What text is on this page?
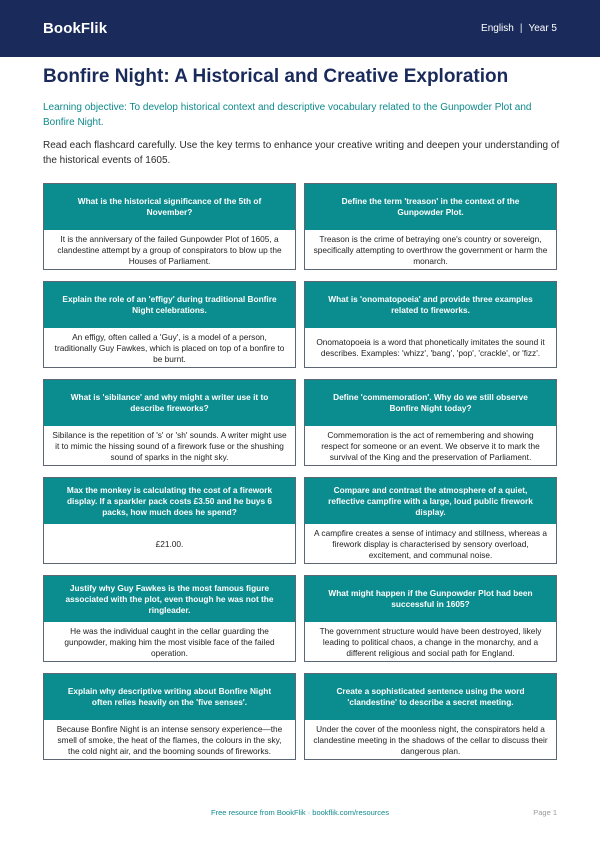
BookFlik	English | Year 5
Bonfire Night: A Historical and Creative Exploration

Learning objective: To develop historical context and descriptive vocabulary related to the Gunpowder Plot and Bonfire Night.

Read each flashcard carefully. Use the key terms to enhance your creative writing and deepen your understanding of the historical events of 1605.

What is the historical significance of the 5th of November?
It is the anniversary of the failed Gunpowder Plot of 1605, a clandestine attempt by a group of conspirators to blow up the Houses of Parliament.
Define the term 'treason' in the context of the Gunpowder Plot.
Treason is the crime of betraying one's country or sovereign, specifically attempting to overthrow the government or harm the monarch.
Explain the role of an 'effigy' during traditional Bonfire Night celebrations.
An effigy, often called a 'Guy', is a model of a person, traditionally Guy Fawkes, which is placed on top of a bonfire to be burnt.
What is 'onomatopoeia' and provide three examples related to fireworks.
Onomatopoeia is a word that phonetically imitates the sound it describes. Examples: 'whizz', 'bang', 'pop', 'crackle', or 'fizz'.
What is 'sibilance' and why might a writer use it to describe fireworks?
Sibilance is the repetition of 's' or 'sh' sounds. A writer might use it to mimic the hissing sound of a firework fuse or the shushing sound of sparks in the night sky.
Define 'commemoration'. Why do we still observe Bonfire Night today?
Commemoration is the act of remembering and showing respect for someone or an event. We observe it to mark the survival of the King and the preservation of Parliament.
Max the monkey is calculating the cost of a firework display. If a sparkler pack costs £3.50 and he buys 6 packs, how much does he spend?
£21.00.
Compare and contrast the atmosphere of a quiet, reflective campfire with a large, loud public firework display.
A campfire creates a sense of intimacy and stillness, whereas a firework display is characterised by sensory overload, excitement, and communal noise.
Justify why Guy Fawkes is the most famous figure associated with the plot, even though he was not the ringleader.
He was the individual caught in the cellar guarding the gunpowder, making him the most visible face of the failed operation.
What might happen if the Gunpowder Plot had been successful in 1605?
The government structure would have been destroyed, likely leading to political chaos, a change in the monarchy, and a different religious and social path for England.
Explain why descriptive writing about Bonfire Night often relies heavily on the 'five senses'.
Because Bonfire Night is an intense sensory experience—the smell of smoke, the heat of the flames, the colours in the sky, the cold night air, and the booming sounds of fireworks.
Create a sophisticated sentence using the word 'clandestine' to describe a secret meeting.
Under the cover of the moonless night, the conspirators held a clandestine meeting in the shadows of the cellar to discuss their dangerous plan.
Free resource from BookFlik · bookflik.com/resources	Page 1
